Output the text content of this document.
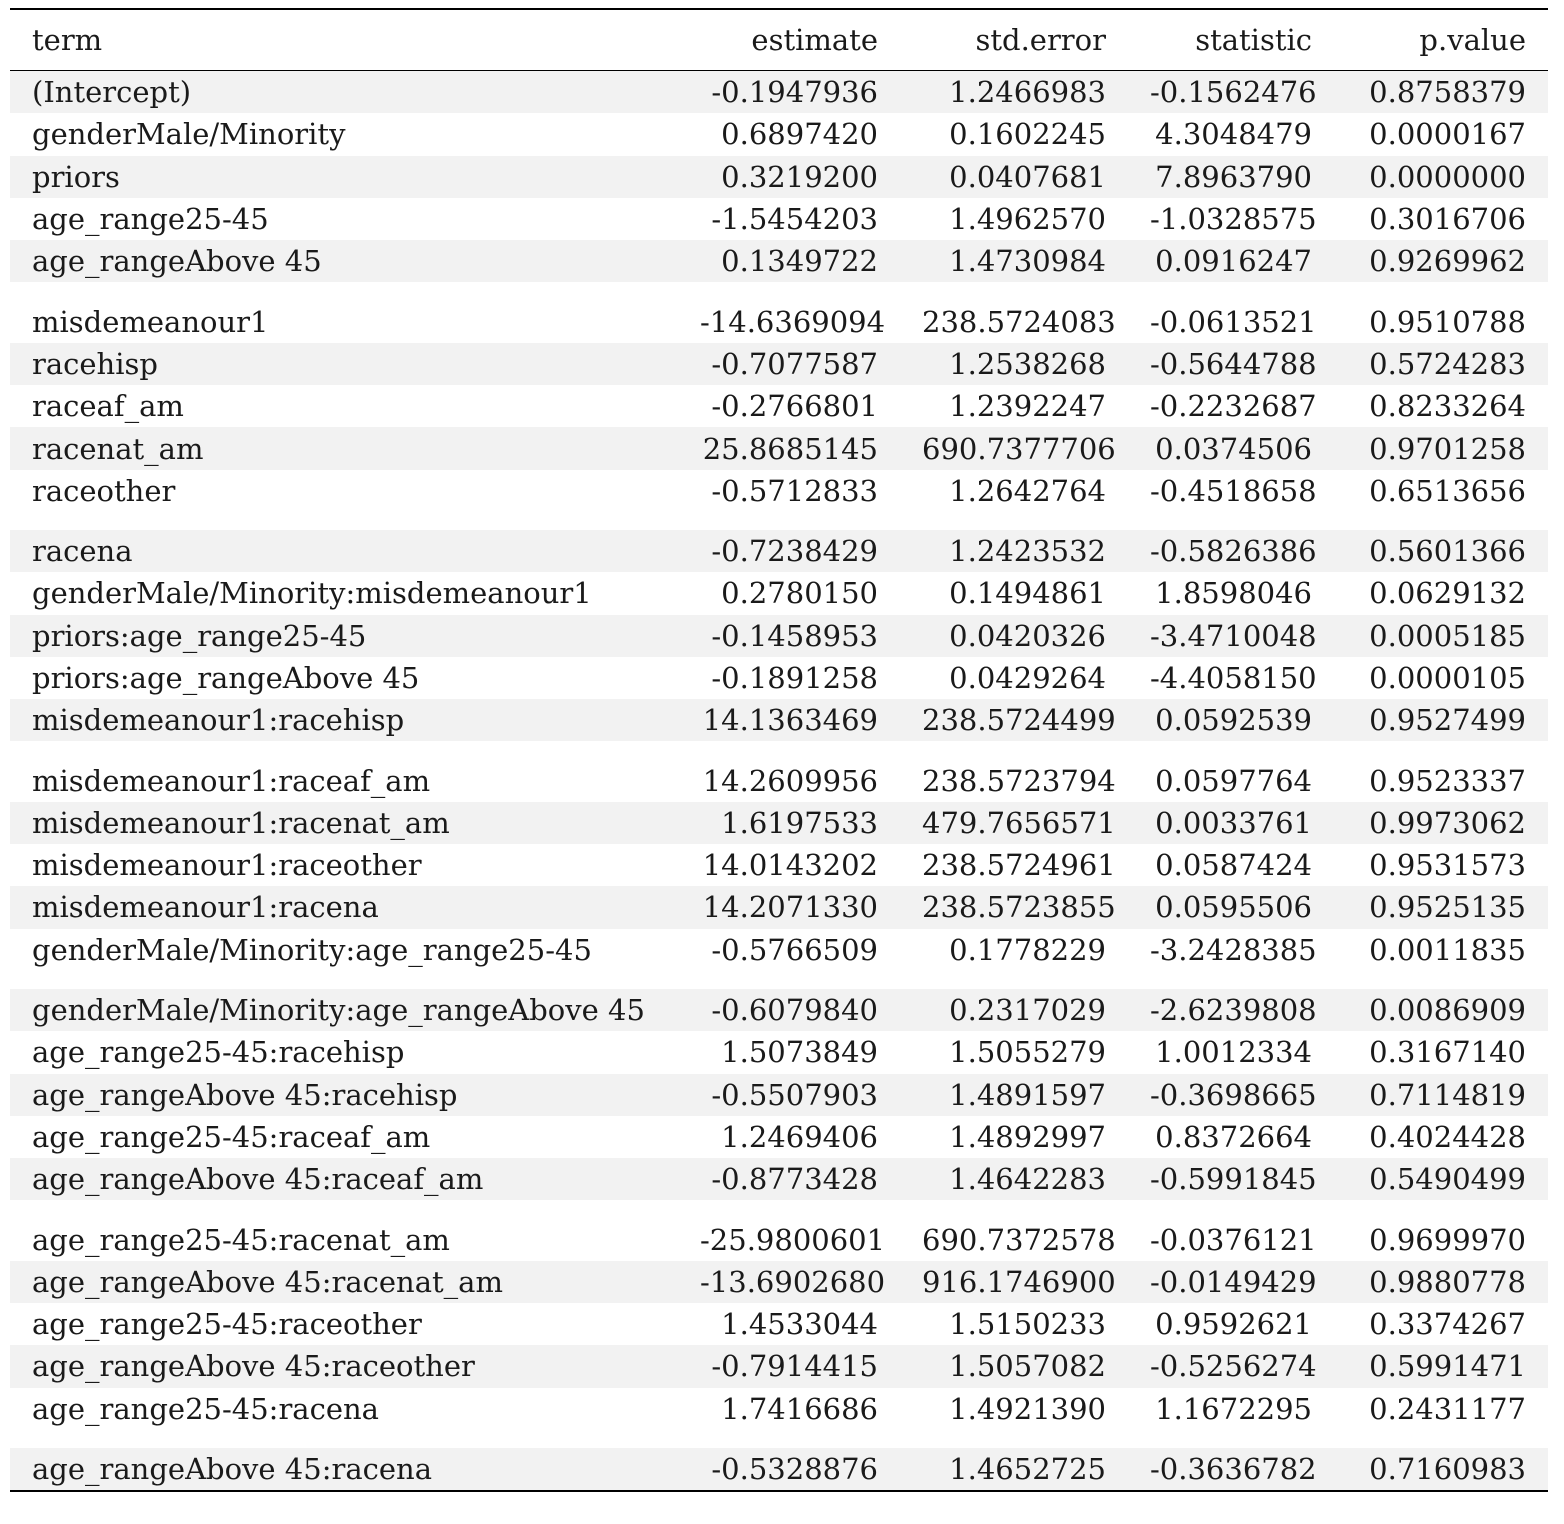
term	estimate	std.error	statistic	p.value
(Intercept)	-0.1947936	1.2466983	-0.1562476	0.8758379
genderMale/Minority	0.6897420	0.1602245	4.3048479	0.0000167
priors	0.3219200	0.0407681	7.8963790	0.0000000
age_range25-45	-1.5454203	1.4962570	-1.0328575	0.3016706
age_rangeAbove 45	0.1349722	1.4730984	0.0916247	0.9269962

misdemeanour1	-14.6369094	238.5724083	-0.0613521	0.9510788
racehisp	-0.7077587	1.2538268	-0.5644788	0.5724283
raceaf_am	-0.2766801	1.2392247	-0.2232687	0.8233264
racenat_am	25.8685145	690.7377706	0.0374506	0.9701258
raceother	-0.5712833	1.2642764	-0.4518658	0.6513656

racena	-0.7238429	1.2423532	-0.5826386	0.5601366
genderMale/Minority:misdemeanour1	0.2780150	0.1494861	1.8598046	0.0629132
priors:age_range25-45	-0.1458953	0.0420326	-3.4710048	0.0005185
priors:age_rangeAbove 45	-0.1891258	0.0429264	-4.4058150	0.0000105
misdemeanour1:racehisp	14.1363469	238.5724499	0.0592539	0.9527499

misdemeanour1:raceaf_am	14.2609956	238.5723794	0.0597764	0.9523337
misdemeanour1:racenat_am	1.6197533	479.7656571	0.0033761	0.9973062
misdemeanour1:raceother	14.0143202	238.5724961	0.0587424	0.9531573
misdemeanour1:racena	14.2071330	238.5723855	0.0595506	0.9525135
genderMale/Minority:age_range25-45	-0.5766509	0.1778229	-3.2428385	0.0011835

genderMale/Minority:age_rangeAbove 45	-0.6079840	0.2317029	-2.6239808	0.0086909
age_range25-45:racehisp	1.5073849	1.5055279	1.0012334	0.3167140
age_rangeAbove 45:racehisp	-0.5507903	1.4891597	-0.3698665	0.7114819
age_range25-45:raceaf_am	1.2469406	1.4892997	0.8372664	0.4024428
age_rangeAbove 45:raceaf_am	-0.8773428	1.4642283	-0.5991845	0.5490499

age_range25-45:racenat_am	-25.9800601	690.7372578	-0.0376121	0.9699970
age_rangeAbove 45:racenat_am	-13.6902680	916.1746900	-0.0149429	0.9880778
age_range25-45:raceother	1.4533044	1.5150233	0.9592621	0.3374267
age_rangeAbove 45:raceother	-0.7914415	1.5057082	-0.5256274	0.5991471
age_range25-45:racena	1.7416686	1.4921390	1.1672295	0.2431177

age_rangeAbove 45:racena	-0.5328876	1.4652725	-0.3636782	0.7160983
